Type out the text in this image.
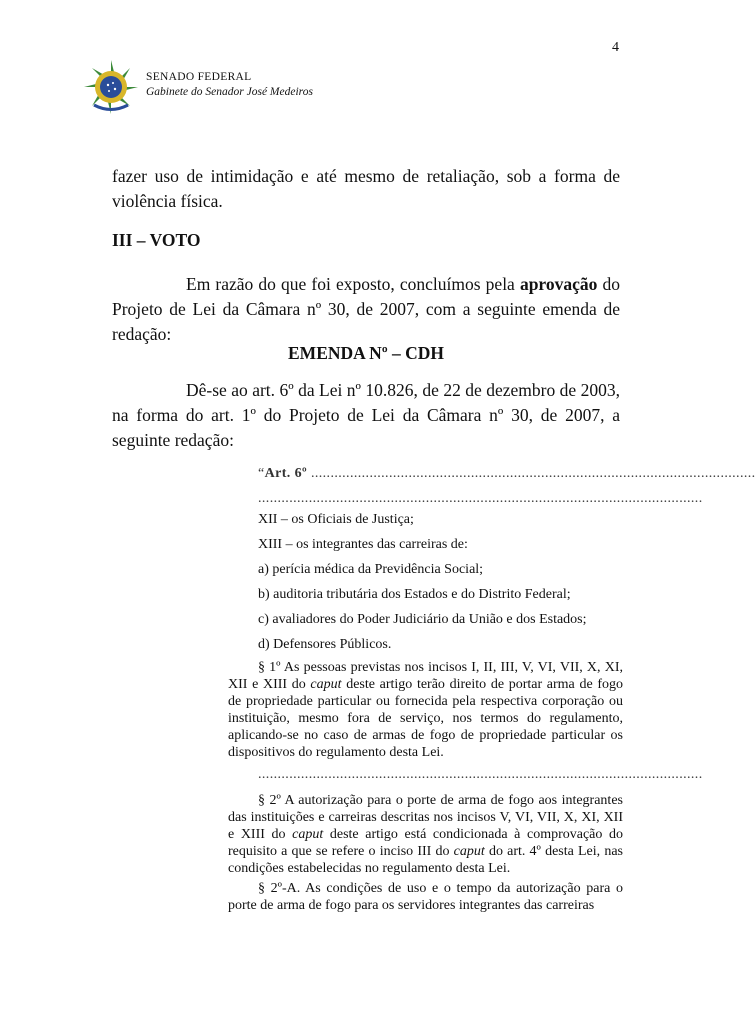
4
SENADO FEDERAL
Gabinete do Senador José Medeiros
fazer uso de intimidação e até mesmo de retaliação, sob a forma de violência física.
III – VOTO
Em razão do que foi exposto, concluímos pela aprovação do
Projeto de Lei da Câmara nº 30, de 2007, com a seguinte emenda de redação:
EMENDA Nº – CDH
Dê-se ao art. 6º da Lei nº 10.826, de 22 de dezembro de 2003,
na forma do art. 1º do Projeto de Lei da Câmara nº 30, de 2007, a seguinte redação:
“Art. 6º ..................................................................................................................
..................................................................................................................
XII – os Oficiais de Justiça;
XIII – os integrantes das carreiras de:
a) perícia médica da Previdência Social;
b) auditoria tributária dos Estados e do Distrito Federal;
c) avaliadores do Poder Judiciário da União e dos Estados;
d) Defensores Públicos.
§ 1º As pessoas previstas nos incisos I, II, III, V, VI, VII, X, XI, XII e XIII do caput deste artigo terão direito de portar arma de fogo de propriedade particular ou fornecida pela respectiva corporação ou instituição, mesmo fora de serviço, nos termos do regulamento, aplicando-se no caso de armas de fogo de propriedade particular os dispositivos do regulamento desta Lei.
..................................................................................................................
§ 2º A autorização para o porte de arma de fogo aos integrantes das instituições e carreiras descritas nos incisos V, VI, VII, X, XI, XII e XIII do caput deste artigo está condicionada à comprovação do requisito a que se refere o inciso III do caput do art. 4º desta Lei, nas condições estabelecidas no regulamento desta Lei.
§ 2º-A. As condições de uso e o tempo da autorização para o porte de arma de fogo para os servidores integrantes das carreiras
